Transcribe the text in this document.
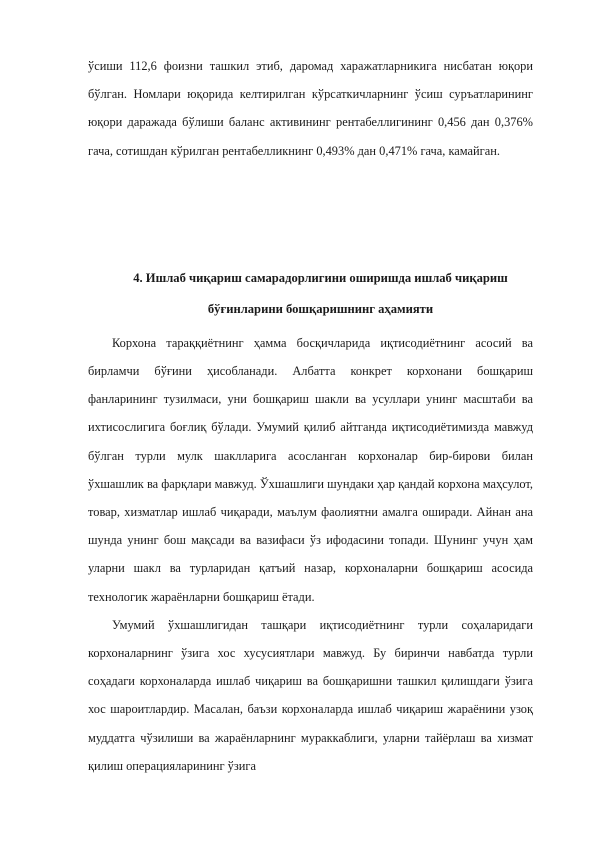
ўсиши 112,6 фоизни ташкил этиб, даромад харажатларникига нисбатан юқори бўлган. Номлари юқорида келтирилган кўрсаткичларнинг ўсиш суръатларининг юқори даражада бўлиши баланс активининг рентабеллигининг 0,456 дан 0,376% гача, сотишдан кўрилган рентабелликнинг 0,493% дан 0,471% гача, камайган.

4. Ишлаб чиқариш самарадорлигини оширишда ишлаб чиқариш бўғинларини бошқаришнинг аҳамияти

Корхона тараққиётнинг ҳамма босқичларида иқтисодиётнинг асосий ва бирламчи бўғини ҳисобланади. Албатта конкрет корхонани бошқариш фанларининг тузилмаси, уни бошқариш шакли ва усуллари унинг масштаби ва ихтисослигига боғлиқ бўлади. Умумий қилиб айтганда иқтисодиётимизда мавжуд бўлган турли мулк шаклларига асосланган корхоналар бир-бирови билан ўхшашлик ва фарқлари мавжуд. Ўхшашлиги шундаки ҳар қандай корхона маҳсулот, товар, хизматлар ишлаб чиқаради, маълум фаолиятни амалга оширади. Айнан ана шунда унинг бош мақсади ва вазифаси ўз ифодасини топади. Шунинг учун ҳам уларни шакл ва турларидан қатъий назар, корхоналарни бошқариш асосида технологик жараёнларни бошқариш ётади.

Умумий ўхшашлигидан ташқари иқтисодиётнинг турли соҳаларидаги корхоналарнинг ўзига хос хусусиятлари мавжуд. Бу биринчи навбатда турли соҳадаги корхоналарда ишлаб чиқариш ва бошқаришни ташкил қилишдаги ўзига хос шароитлардир. Масалан, баъзи корхоналарда ишлаб чиқариш жараёнини узоқ муддатга чўзилиши ва жараёнларнинг мураккаблиги, уларни тайёрлаш ва хизмат қилиш операцияларининг ўзига
